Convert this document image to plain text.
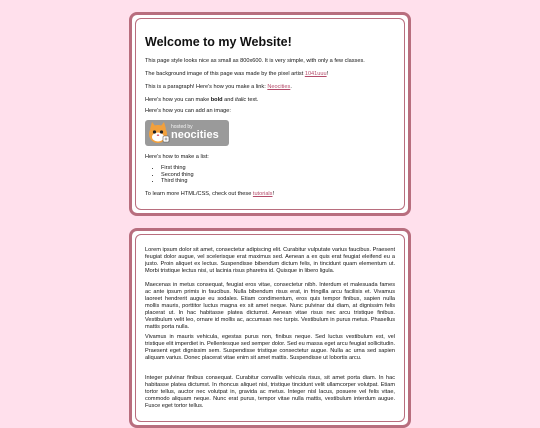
Welcome to my Website!

This page style looks nice as small as 800x600. It is very simple, with only a few classes.

The background image of this page was made by the pixel artist 1041uuu!

This is a paragraph! Here's how you make a link: Neocities.

Here's how you can make bold and italic text.

Here's how you can add an image:

hosted by
neocities

Here's how to make a list:

• First thing
• Second thing
• Third thing

To learn more HTML/CSS, check out these tutorials!

Lorem ipsum dolor sit amet, consectetur adipiscing elit. Curabitur vulputate varius faucibus. Praesent feugiat dolor augue, vel scelerisque erat maximus sed. Aenean a ex quis erat feugiat eleifend eu a justo. Proin aliquet ex lectus. Suspendisse bibendum dictum felis, in tincidunt quam elementum ut. Morbi tristique lectus nisi, ut lacinia risus pharetra id. Quisque in libero ligula.

Maecenas in metus consequat, feugiat eros vitae, consectetur nibh. Interdum et malesuada fames ac ante ipsum primis in faucibus. Nulla bibendum risus erat, in fringilla arcu facilisis et. Vivamus laoreet hendrerit augue eu sodales. Etiam condimentum, eros quis tempor finibus, sapien nulla mollis mauris, porttitor luctus magna ex sit amet neque. Nunc pulvinar dui diam, at dignissim felis placerat ut. In hac habitasse platea dictumst. Aenean vitae risus nec arcu tristique finibus. Vestibulum velit leo, ornare id mollis ac, accumsan nec turpis. Vestibulum in purus metus. Phasellus mattis porta nulla.

Vivamus in mauris vehicula, egestas purus non, finibus neque. Sed luctus vestibulum est, vel tristique elit imperdiet in. Pellentesque sed semper dolor. Sed eu massa eget arcu feugiat sollicitudin. Praesent eget dignissim sem. Suspendisse tristique consectetur augue. Nulla ac urna sed sapien aliquam varius. Donec placerat vitae enim sit amet mattis. Suspendisse ut lobortis arcu.

Integer pulvinar finibus consequat. Curabitur convallis vehicula risus, sit amet porta diam. In hac habitasse platea dictumst. In rhoncus aliquet nisl, tristique tincidunt velit ullamcorper volutpat. Etiam tortor tellus, auctor nec volutpat in, gravida ac metus. Integer nisl lacus, posuere vel felis vitae, commodo aliquam neque. Nunc erat purus, tempor vitae nulla mattis, vestibulum interdum augue. Fusce eget tortor tellus.
